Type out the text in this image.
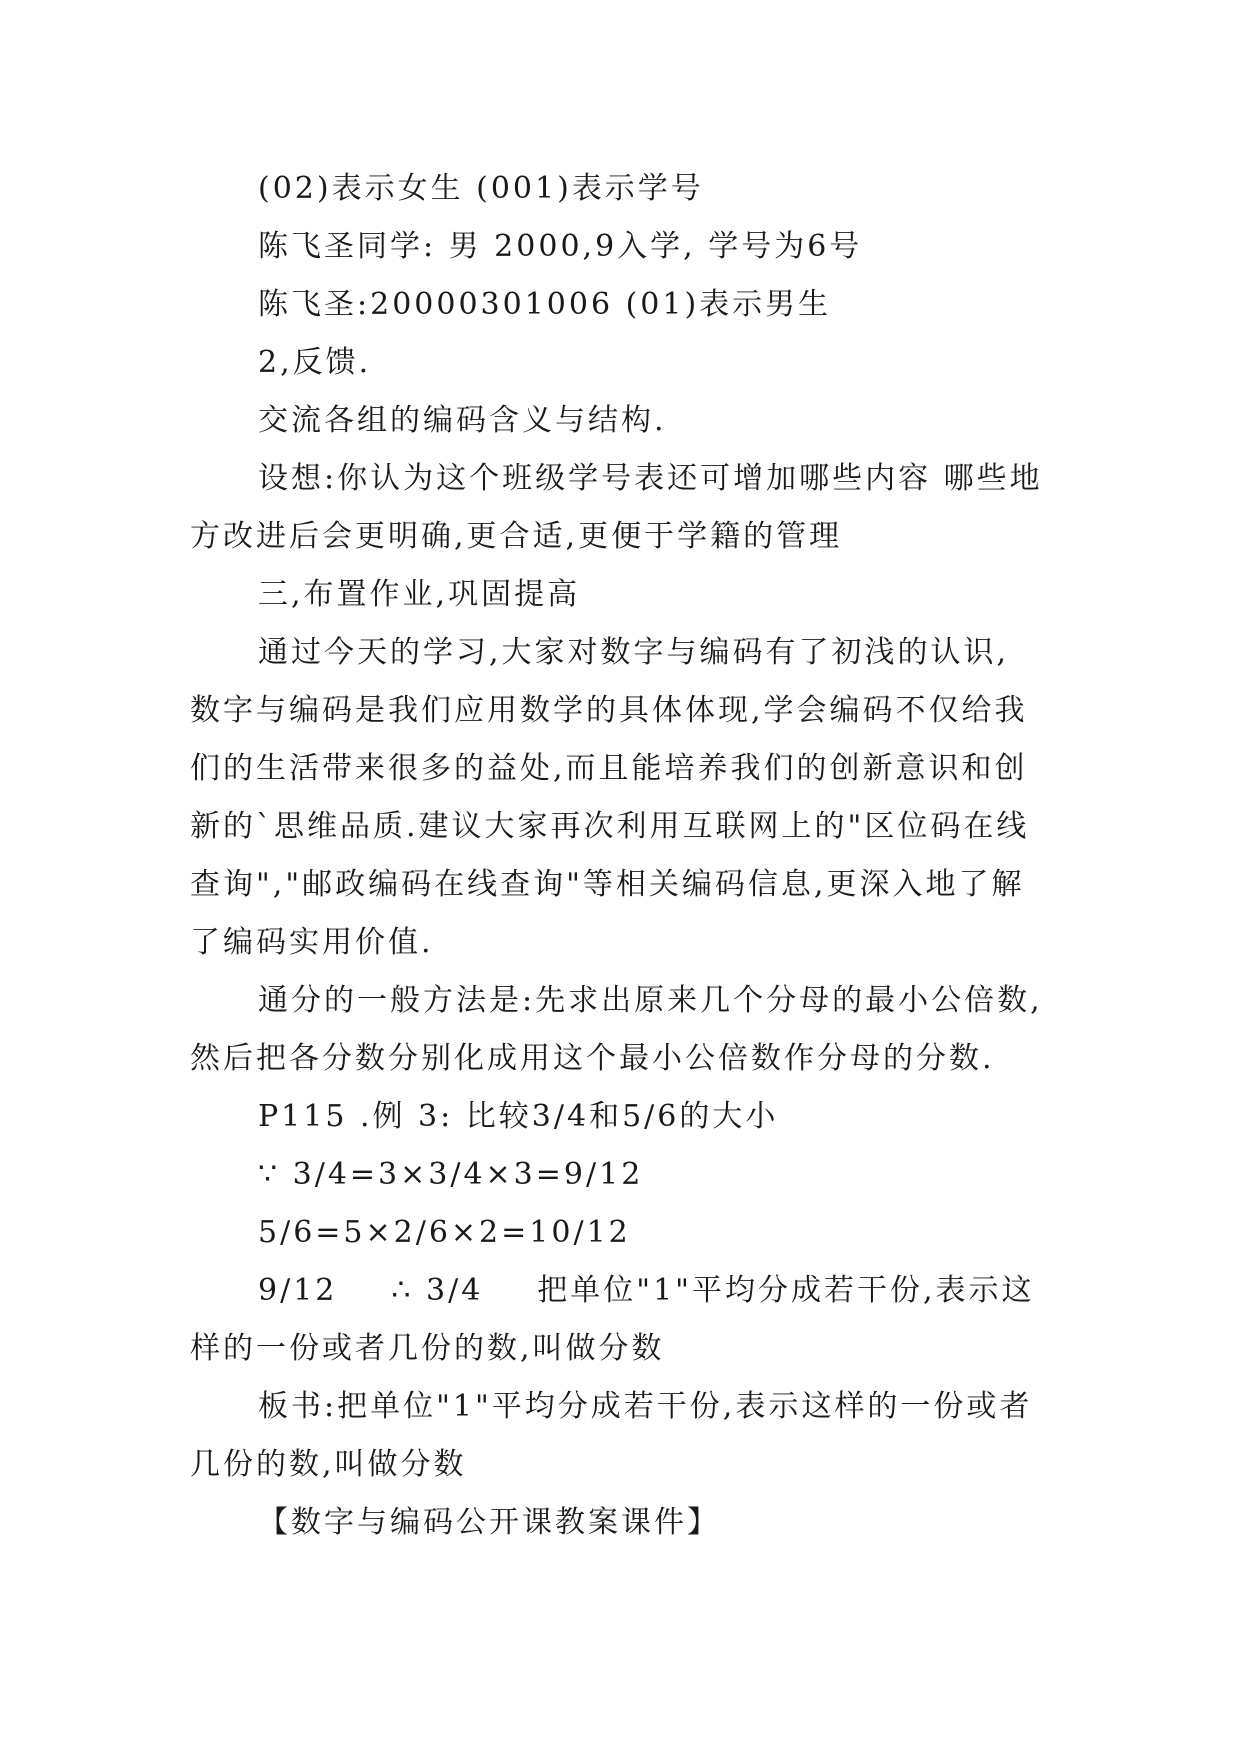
(02)表示女生 (001)表示学号
陈飞圣同学: 男 2000,9入学, 学号为6号
陈飞圣:20000301006 (01)表示男生
2,反馈.
交流各组的编码含义与结构.
设想:你认为这个班级学号表还可增加哪些内容 哪些地
方改进后会更明确,更合适,更便于学籍的管理
三,布置作业,巩固提高
通过今天的学习,大家对数字与编码有了初浅的认识,
数字与编码是我们应用数学的具体体现,学会编码不仅给我
们的生活带来很多的益处,而且能培养我们的创新意识和创
新的`思维品质.建议大家再次利用互联网上的"区位码在线
查询","邮政编码在线查询"等相关编码信息,更深入地了解
了编码实用价值.
通分的一般方法是:先求出原来几个分母的最小公倍数,
然后把各分数分别化成用这个最小公倍数作分母的分数.
P115 .例 3: 比较3/4和5/6的大小
∵ 3/4=3×3/4×3=9/12
5/6=5×2/6×2=10/12
9/12 ∴ 3/4 把单位"1"平均分成若干份,表示这
样的一份或者几份的数,叫做分数
板书:把单位"1"平均分成若干份,表示这样的一份或者
几份的数,叫做分数
【数字与编码公开课教案课件】
